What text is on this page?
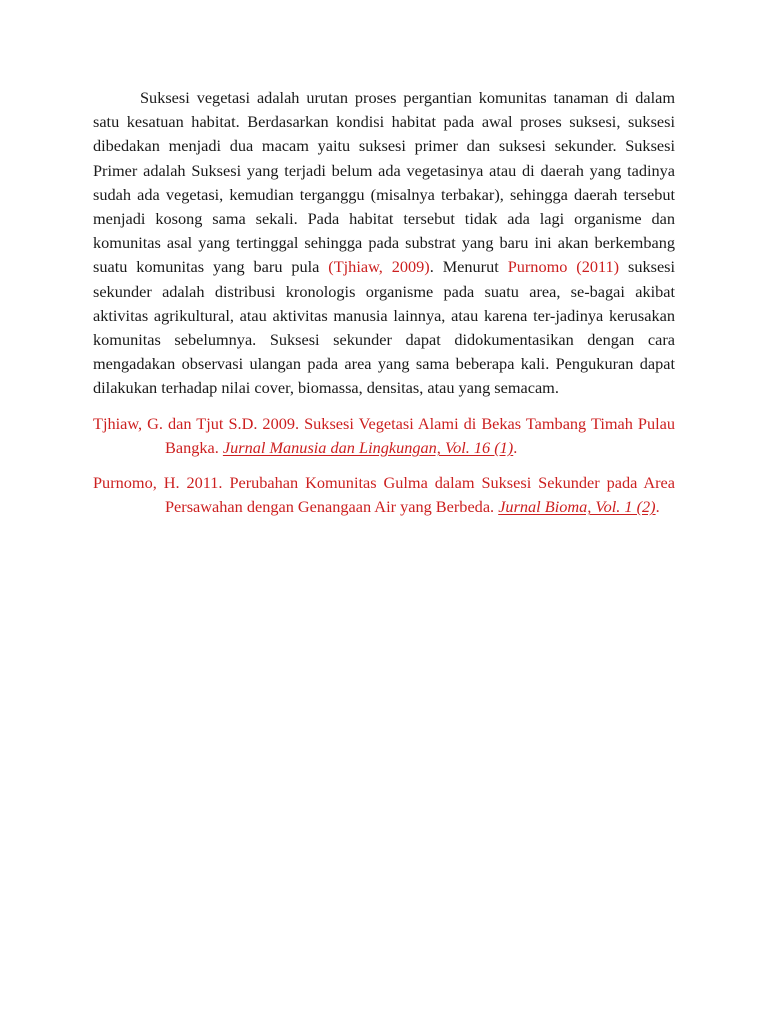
Suksesi vegetasi adalah urutan proses pergantian komunitas tanaman di dalam satu kesatuan habitat. Berdasarkan kondisi habitat pada awal proses suksesi, suksesi dibedakan menjadi dua macam yaitu suksesi primer dan suksesi sekunder. Suksesi Primer adalah Suksesi yang terjadi belum ada vegetasinya atau di daerah yang tadinya sudah ada vegetasi, kemudian terganggu (misalnya terbakar), sehingga daerah tersebut menjadi kosong sama sekali. Pada habitat tersebut tidak ada lagi organisme dan komunitas asal yang tertinggal sehingga pada substrat yang baru ini akan berkembang suatu komunitas yang baru pula (Tjhiaw, 2009). Menurut Purnomo (2011) suksesi sekunder adalah distribusi kronologis organisme pada suatu area, se-bagai akibat aktivitas agrikultural, atau aktivitas manusia lainnya, atau karena ter-jadinya kerusakan komunitas sebelumnya. Suksesi sekunder dapat didokumentasikan dengan cara mengadakan observasi ulangan pada area yang sama beberapa kali. Pengukuran dapat dilakukan terhadap nilai cover, biomassa, densitas, atau yang semacam.

Tjhiaw, G. dan Tjut S.D. 2009. Suksesi Vegetasi Alami di Bekas Tambang Timah Pulau Bangka. Jurnal Manusia dan Lingkungan, Vol. 16 (1).

Purnomo, H. 2011. Perubahan Komunitas Gulma dalam Suksesi Sekunder pada Area Persawahan dengan Genangaan Air yang Berbeda. Jurnal Bioma, Vol. 1 (2).
